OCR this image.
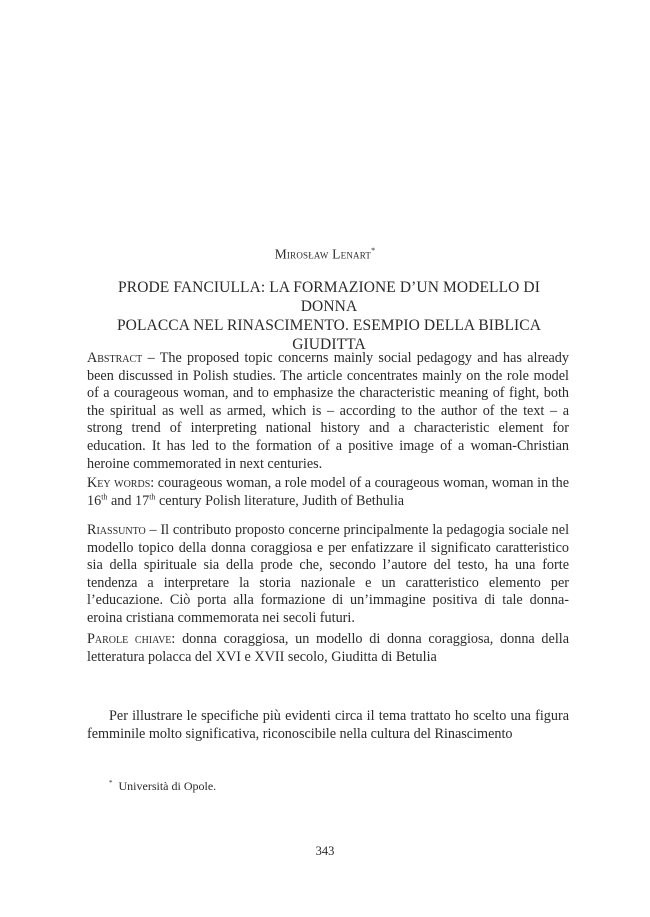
Mirosław Lenart*
PRODE FANCIULLA: LA FORMAZIONE D’UN MODELLO DI DONNA
POLACCA NEL RINASCIMENTO. ESEMPIO DELLA BIBLICA GIUDITTA
Abstract – The proposed topic concerns mainly social pedagogy and has already been discussed in Polish studies. The article concentrates mainly on the role model of a courageous woman, and to emphasize the characteristic meaning of fight, both the spiritual as well as armed, which is – according to the author of the text – a strong trend of interpreting national history and a characteristic element for education. It has led to the formation of a positive image of a woman-Christian heroine commemorated in next centuries.
Key words: courageous woman, a role model of a courageous woman, woman in the 16th and 17th century Polish literature, Judith of Bethulia
Riassunto – Il contributo proposto concerne principalmente la pedagogia sociale nel modello topico della donna coraggiosa e per enfatizzare il significato caratteristico sia della spirituale sia della prode che, secondo l’autore del testo, ha una forte tendenza a interpretare la storia nazionale e un caratteristico elemento per l’educazione. Ciò porta alla formazione di un’immagine positiva di tale donna-eroina cristiana commemorata nei secoli futuri.
Parole chiave: donna coraggiosa, un modello di donna coraggiosa, donna della letteratura polacca del XVI e XVII secolo, Giuditta di Betulia
Per illustrare le specifiche più evidenti circa il tema trattato ho scelto una figura femminile molto significativa, riconoscibile nella cultura del Rinascimento
* Università di Opole.
343
